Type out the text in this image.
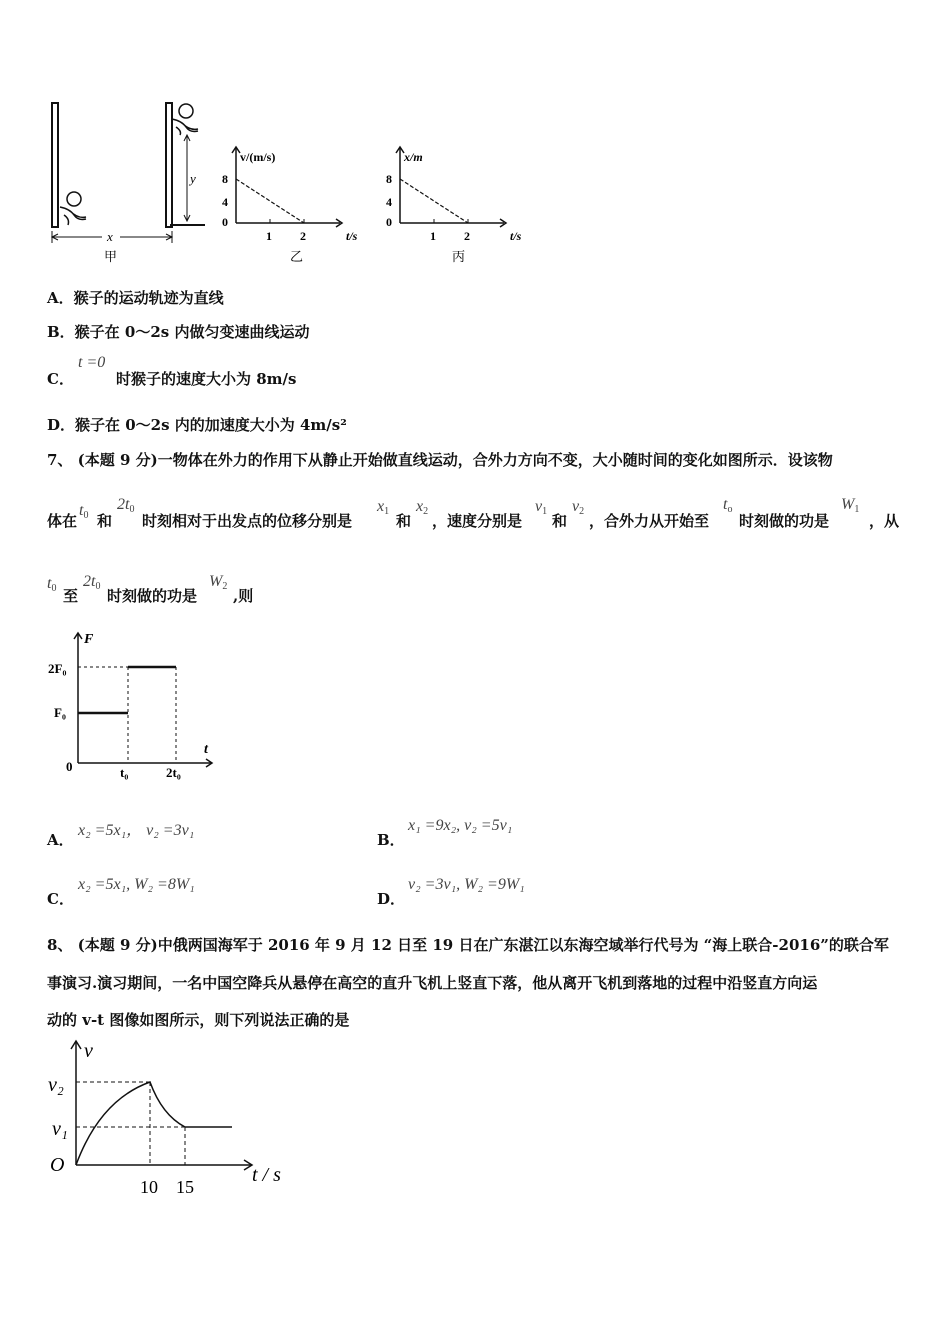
y
x
甲
v/(m/s)
8
4
0
1 2	t/s
乙
x/m
8
4
0
1 2	t/s
丙
A．猴子的运动轨迹为直线
B．猴子在 0～2s 内做匀变速曲线运动
C．
t =0
时猴子的速度大小为 8m/s
D．猴子在 0～2s 内的加速度大小为 4m/s²
7、 (本题 9 分)一物体在外力的作用下从静止开始做直线运动，合外力方向不变，大小随时间的变化如图所示．设该物
体在
$t_0$ 和
$2t_0$
时刻相对于出发点的位移分别是
$x_1$
和
$x_2$
，速度分别是
$v_1$
和
$v_2$
，合外力从开始至
$t_o$
时刻做的功是
$W_1$
，从
$t_0$ 至
$2t_0$
时刻做的功是
$W_2$
,则
F
t
2F₀
F₀
0	t₀	2t₀
A．
x₂ =5x₁， v₂ =3v₁
B．
x₁ =9x₂, v₂ =5v₁
C．
x₂ =5x₁, W₂ =8W₁
D．
v₂ =3v₁, W₂ =9W₁
8、 (本题 9 分)中俄两国海军于 2016 年 9 月 12 日至 19 日在广东湛江以东海空域举行代号为 “海上联合-2016”的联合军
事演习.演习期间，一名中国空降兵从悬停在高空的直升飞机上竖直下落，他从离开飞机到落地的过程中沿竖直方向运
动的 v-t 图像如图所示，则下列说法正确的是
v
t / s
v₂
v₁
O
10 15
